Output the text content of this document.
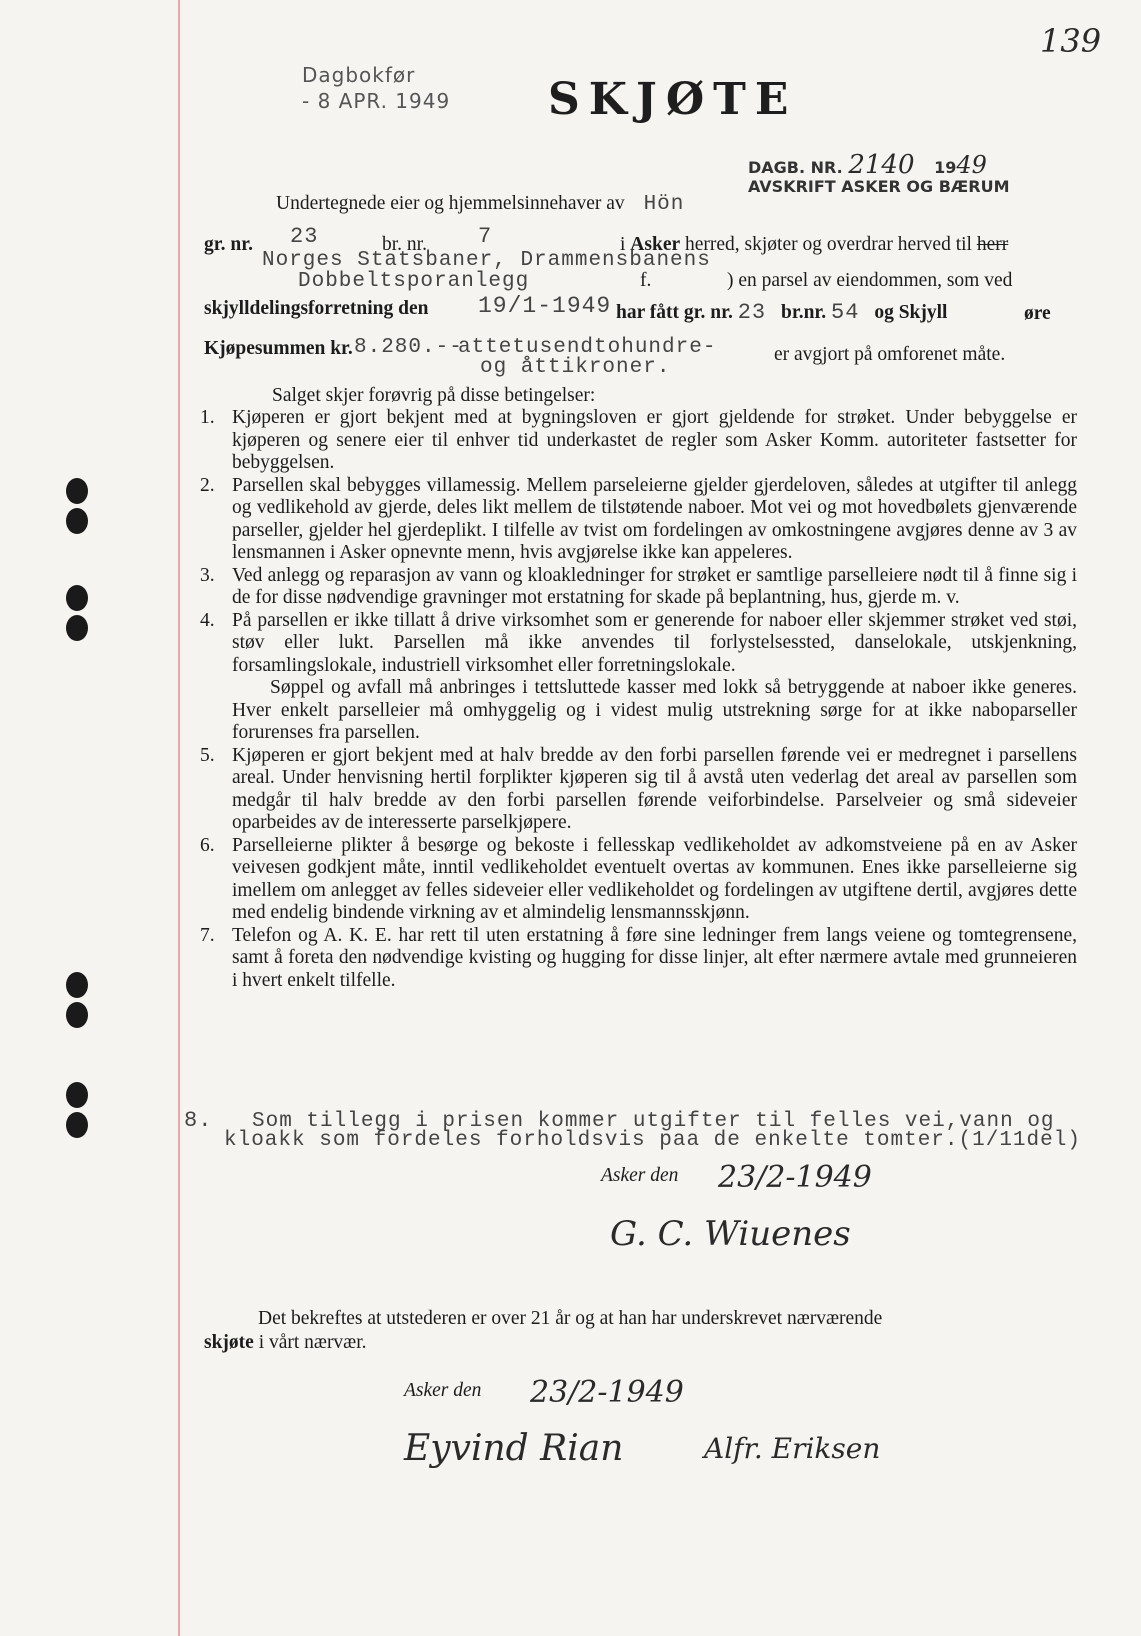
139
Dagbokfør
- 8 APR. 1949 SKJØTE
DAGB. NR. 2140 1949
AVSKRIFT ASKER OG BÆRUM
Undertegnede eier og hjemmelsinnehaver av Hön
gr. nr. 23	br. nr. 7	i Asker herred, skjøter og overdrar herved til herr
Norges Statsbaner, Drammensbanens
Dobbeltsporanlegg	f.	) en parsel av eiendommen, som ved
skjylldelingsforretning den 19/1-1949 har fått gr. nr. 23 br.nr. 54 og Skjyll	øre
Kjøpesummen kr. 8.280.--
attetusendtohundre-
og åttikroner.
er avgjort på omforenet måte.
Salget skjer forøvrig på disse betingelser:
1. Kjøperen er gjort bekjent med at bygningsloven er gjort gjeldende for strøket. Under bebyggelse er kjøperen og senere eier til enhver tid underkastet de regler som Asker Komm. autoriteter fastsetter for bebyggelsen.
2. Parsellen skal bebygges villamessig. Mellem parseleierne gjelder gjerdeloven, således at utgifter til anlegg og vedlikehold av gjerde, deles likt mellem de tilstøtende naboer. Mot vei og mot hovedbølets gjenværende parseller, gjelder hel gjerdeplikt. I tilfelle av tvist om fordelingen av omkostningene avgjøres denne av 3 av lensmannen i Asker opnevnte menn, hvis avgjørelse ikke kan appeleres.
3. Ved anlegg og reparasjon av vann og kloakledninger for strøket er samtlige parselleiere nødt til å finne sig i de for disse nødvendige gravninger mot erstatning for skade på beplantning, hus, gjerde m. v.
4. På parsellen er ikke tillatt å drive virksomhet som er generende for naboer eller skjemmer strøket ved støi, støv eller lukt. Parsellen må ikke anvendes til forlystelsessted, danselokale, utskjenkning, forsamlingslokale, industriell virksomhet eller forretningslokale.
Søppel og avfall må anbringes i tettsluttede kasser med lokk så betryggende at naboer ikke generes. Hver enkelt parselleier må omhyggelig og i videst mulig utstrekning sørge for at ikke naboparseller forurenses fra parsellen.
5. Kjøperen er gjort bekjent med at halv bredde av den forbi parsellen førende vei er medregnet i parsellens areal. Under henvisning hertil forplikter kjøperen sig til å avstå uten vederlag det areal av parsellen som medgår til halv bredde av den forbi parsellen førende veiforbindelse. Parselveier og små sideveier oparbeides av de interesserte parselkjøpere.
6. Parselleierne plikter å besørge og bekoste i fellesskap vedlikeholdet av adkomstveiene på en av Asker veivesen godkjent måte, inntil vedlikeholdet eventuelt overtas av kommunen. Enes ikke parselleierne sig imellem om anlegget av felles sideveier eller vedlikeholdet og fordelingen av utgiftene dertil, avgjøres dette med endelig bindende virkning av et almindelig lensmannsskjønn.
7. Telefon og A. K. E. har rett til uten erstatning å føre sine ledninger frem langs veiene og tomtegrensene, samt å foreta den nødvendige kvisting og hugging for disse linjer, alt efter nærmere avtale med grunneieren i hvert enkelt tilfelle.
8. Som tillegg i prisen kommer utgifter til felles vei,vann og
kloakk som fordeles forholdsvis paa de enkelte tomter.(1/11del)
Asker den 23/2-1949
G. C. Wiuenes
Det bekreftes at utstederen er over 21 år og at han har underskrevet nærværende
skjøte i vårt nærvær.
Asker den 23/2-1949
Eyvind Rian	Alfr. Eriksen
